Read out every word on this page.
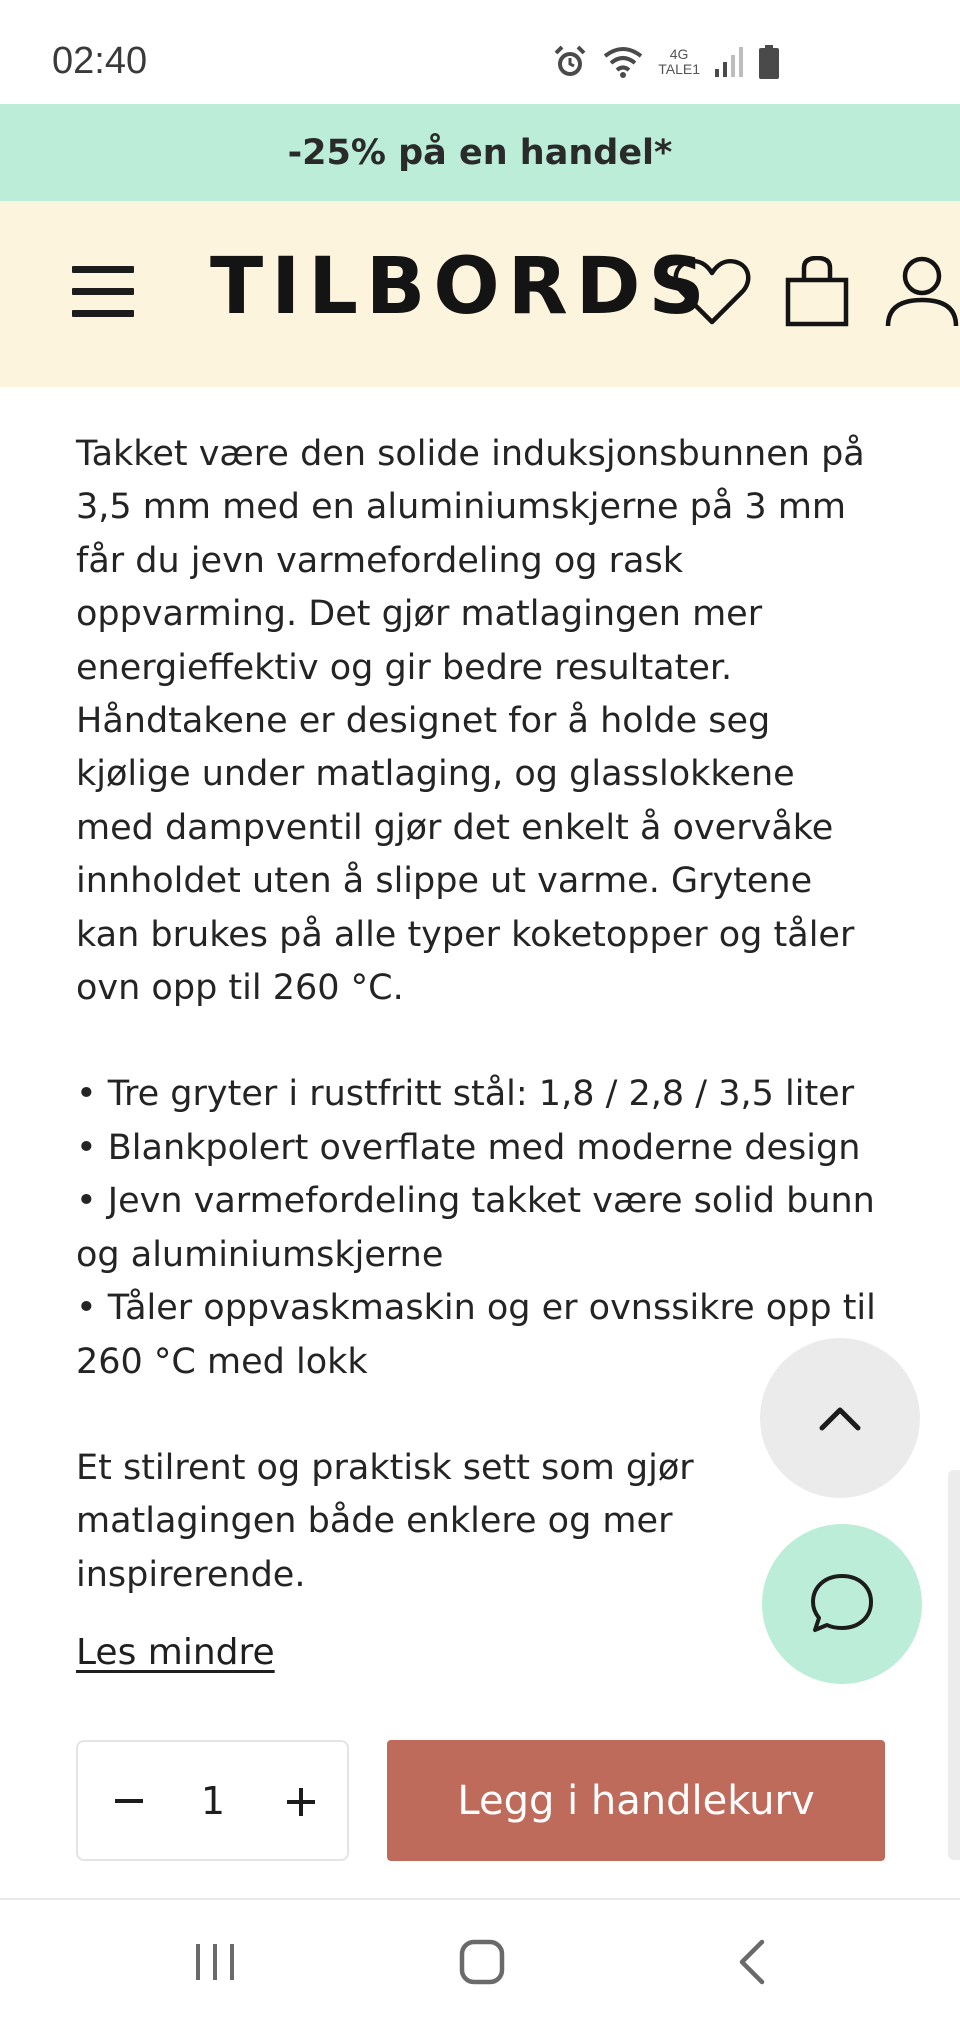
02:40	4G
TALE1
-25% på en handel*
TILBORDS
Takket være den solide induksjonsbunnen på
3,5 mm med en aluminiumskjerne på 3 mm
får du jevn varmefordeling og rask
oppvarming. Det gjør matlagingen mer
energieffektiv og gir bedre resultater.
Håndtakene er designet for å holde seg
kjølige under matlaging, og glasslokkene
med dampventil gjør det enkelt å overvåke
innholdet uten å slippe ut varme. Grytene
kan brukes på alle typer koketopper og tåler
ovn opp til 260 °C.
• Tre gryter i rustfritt stål: 1,8 / 2,8 / 3,5 liter
• Blankpolert overflate med moderne design
• Jevn varmefordeling takket være solid bunn
og aluminiumskjerne
• Tåler oppvaskmaskin og er ovnssikre opp til
260 °C med lokk
Et stilrent og praktisk sett som gjør
matlagingen både enklere og mer
inspirerende.
Les mindre
1	Legg i handlekurv
